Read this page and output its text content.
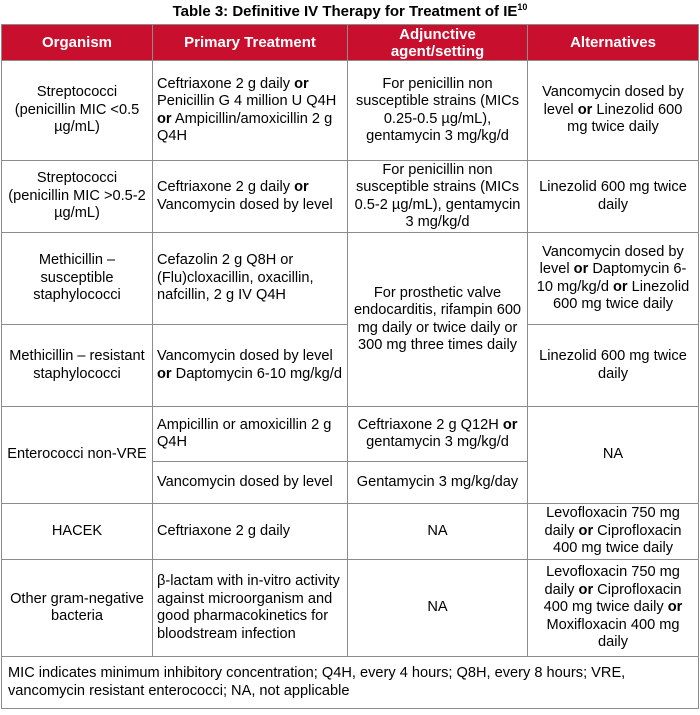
Table 3: Definitive IV Therapy for Treatment of IE$^{10}$
Organism	Primary Treatment	Adjunctive agent/setting	Alternatives
Streptococci (penicillin MIC <0.5 µg/mL)	Ceftriaxone 2 g daily or Penicillin G 4 million U Q4H or Ampicillin/amoxicillin 2 g Q4H	For penicillin non susceptible strains (MICs 0.25-0.5 µg/mL), gentamycin 3 mg/kg/d	Vancomycin dosed by level or Linezolid 600 mg twice daily
Streptococci (penicillin MIC >0.5-2 µg/mL)	Ceftriaxone 2 g daily or Vancomycin dosed by level	For penicillin non susceptible strains (MICs 0.5-2 µg/mL), gentamycin 3 mg/kg/d	Linezolid 600 mg twice daily
Methicillin – susceptible staphylococci	Cefazolin 2 g Q8H or (Flu)cloxacillin, oxacillin, nafcillin, 2 g IV Q4H	For prosthetic valve endocarditis, rifampin 600 mg daily or twice daily or 300 mg three times daily	Vancomycin dosed by level or Daptomycin 6-10 mg/kg/d or Linezolid 600 mg twice daily
Methicillin – resistant staphylococci	Vancomycin dosed by level or Daptomycin 6-10 mg/kg/d		Linezolid 600 mg twice daily
Enterococci non-VRE	Ampicillin or amoxicillin 2 g Q4H	Ceftriaxone 2 g Q12H or gentamycin 3 mg/kg/d	NA
	Vancomycin dosed by level	Gentamycin 3 mg/kg/day	
HACEK	Ceftriaxone 2 g daily	NA	Levofloxacin 750 mg daily or Ciprofloxacin 400 mg twice daily
Other gram-negative bacteria	β-lactam with in-vitro activity against microorganism and good pharmacokinetics for bloodstream infection	NA	Levofloxacin 750 mg daily or Ciprofloxacin 400 mg twice daily or Moxifloxacin 400 mg daily
MIC indicates minimum inhibitory concentration; Q4H, every 4 hours; Q8H, every 8 hours; VRE, vancomycin resistant enterococci; NA, not applicable			
